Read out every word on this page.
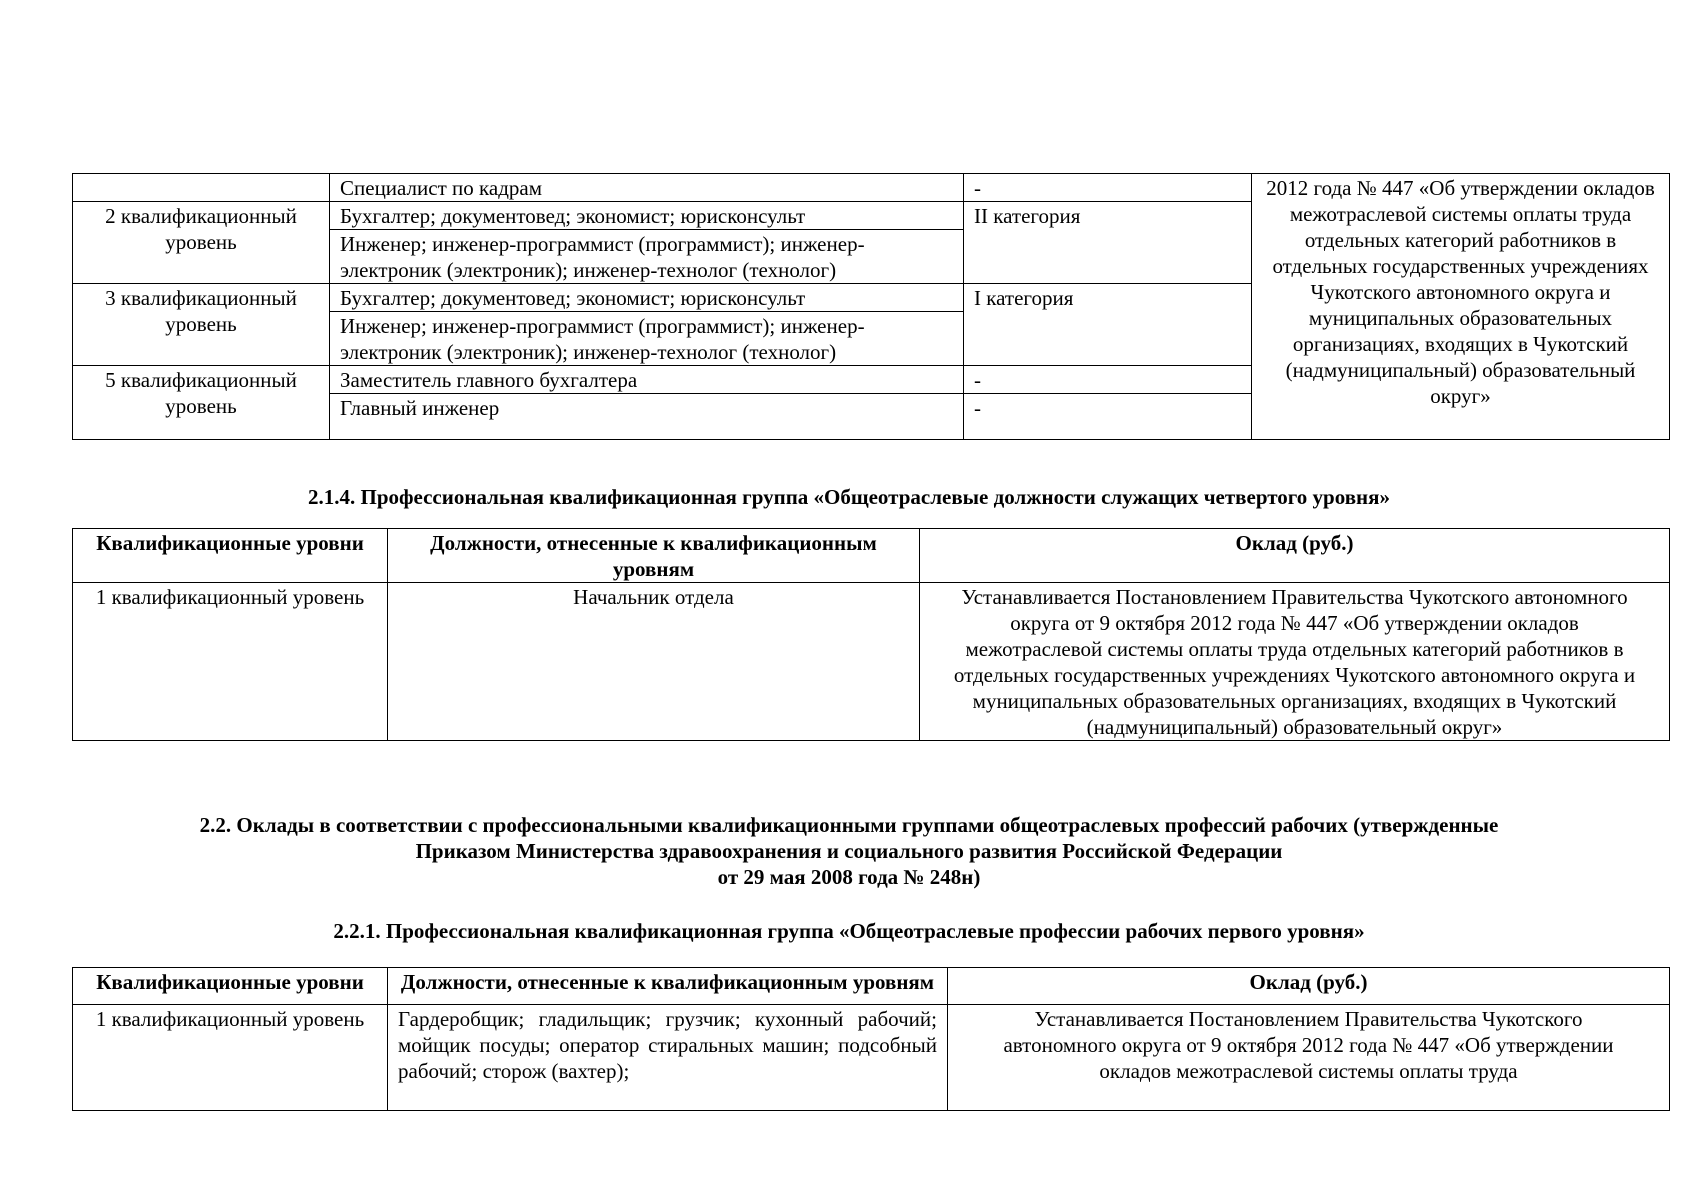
	Специалист по кадрам	-	2012 года № 447 «Об утверждении окладов межотраслевой системы оплаты труда отдельных категорий работников в отдельных государственных учреждениях Чукотского автономного округа и муниципальных образовательных организациях, входящих в Чукотский (надмуниципальный) образовательный округ»
2 квалификационный уровень	Бухгалтер; документовед; экономист; юрисконсульт	II категория	
	Инженер; инженер-программист (программист); инженер-электроник (электроник); инженер-технолог (технолог)		
3 квалификационный уровень	Бухгалтер; документовед; экономист; юрисконсульт	I категория	
	Инженер; инженер-программист (программист); инженер-электроник (электроник); инженер-технолог (технолог)		
5 квалификационный уровень	Заместитель главного бухгалтера	-	
	Главный инженер	-	
2.1.4. Профессиональная квалификационная группа «Общеотраслевые должности служащих четвертого уровня»
Квалификационные уровни	Должности, отнесенные к квалификационным уровням	Оклад (руб.)
1 квалификационный уровень	Начальник отдела	Устанавливается Постановлением Правительства Чукотского автономного округа от 9 октября 2012 года № 447 «Об утверждении окладов межотраслевой системы оплаты труда отдельных категорий работников в отдельных государственных учреждениях Чукотского автономного округа и муниципальных образовательных организациях, входящих в Чукотский (надмуниципальный) образовательный округ»
2.2. Оклады в соответствии с профессиональными квалификационными группами общеотраслевых профессий рабочих (утвержденные
Приказом Министерства здравоохранения и социального развития Российской Федерации
от 29 мая 2008 года № 248н)
2.2.1. Профессиональная квалификационная группа «Общеотраслевые профессии рабочих первого уровня»
Квалификационные уровни	Должности, отнесенные к квалификационным уровням	Оклад (руб.)
1 квалификационный уровень	Гардеробщик; гладильщик; грузчик; кухонный рабочий; мойщик посуды; оператор стиральных машин; подсобный рабочий; сторож (вахтер);	Устанавливается Постановлением Правительства Чукотского автономного округа от 9 октября 2012 года № 447 «Об утверждении окладов межотраслевой системы оплаты труда
